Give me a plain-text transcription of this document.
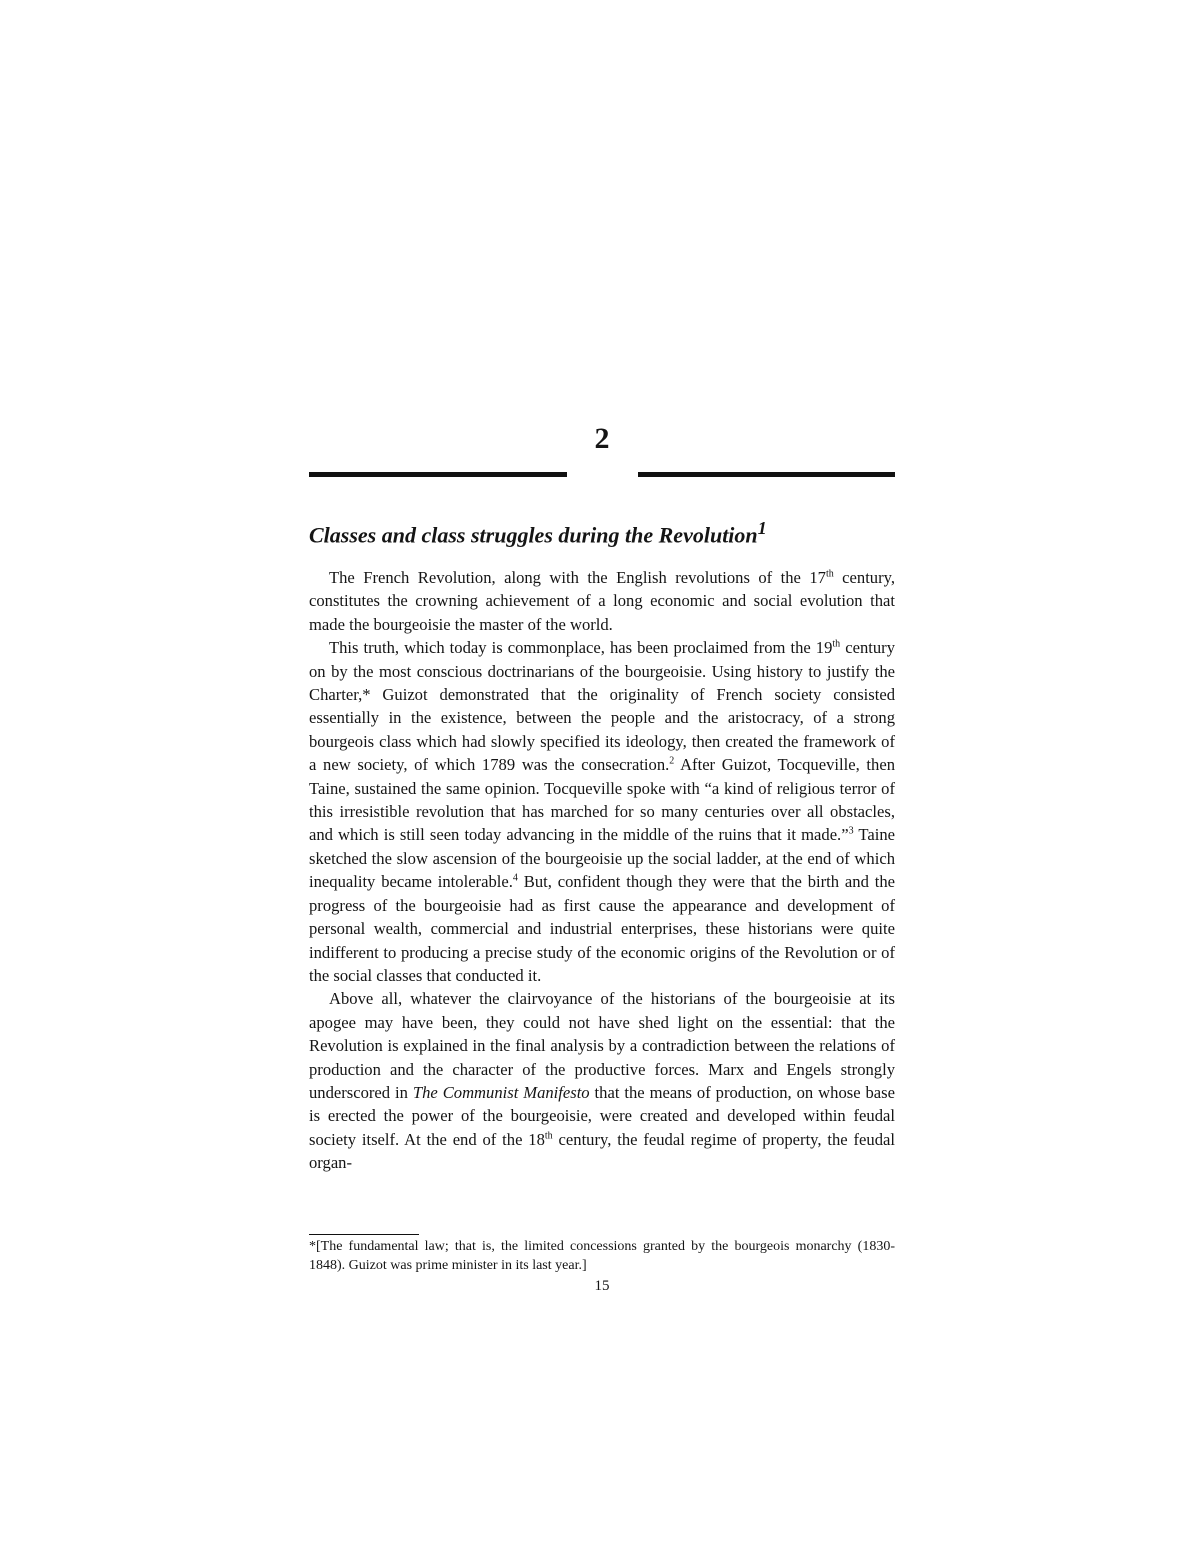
2
Classes and class struggles during the Revolution$^1$

The French Revolution, along with the English revolutions of the 17th century, constitutes the crowning achievement of a long economic and social evolution that made the bourgeoisie the master of the world.

This truth, which today is commonplace, has been proclaimed from the 19th century on by the most conscious doctrinarians of the bourgeoisie. Using history to justify the Charter,* Guizot demonstrated that the originality of French society consisted essentially in the existence, between the people and the aristocracy, of a strong bourgeois class which had slowly specified its ideology, then created the framework of a new society, of which 1789 was the consecration.$^2$ After Guizot, Tocqueville, then Taine, sustained the same opinion. Tocqueville spoke with “a kind of religious terror of this irresistible revolution that has marched for so many centuries over all obstacles, and which is still seen today advancing in the middle of the ruins that it made.”$^3$ Taine sketched the slow ascension of the bourgeoisie up the social ladder, at the end of which inequality became intolerable.$^4$ But, confident though they were that the birth and the progress of the bourgeoisie had as first cause the appearance and development of personal wealth, commercial and industrial enterprises, these historians were quite indifferent to producing a precise study of the economic origins of the Revolution or of the social classes that conducted it.

Above all, whatever the clairvoyance of the historians of the bourgeoisie at its apogee may have been, they could not have shed light on the essential: that the Revolution is explained in the final analysis by a contradiction between the relations of production and the character of the productive forces. Marx and Engels strongly underscored in The Communist Manifesto that the means of production, on whose base is erected the power of the bourgeoisie, were created and developed within feudal society itself. At the end of the 18th century, the feudal regime of property, the feudal organ-

*[The fundamental law; that is, the limited concessions granted by the bourgeois monarchy (1830-1848). Guizot was prime minister in its last year.]

15
